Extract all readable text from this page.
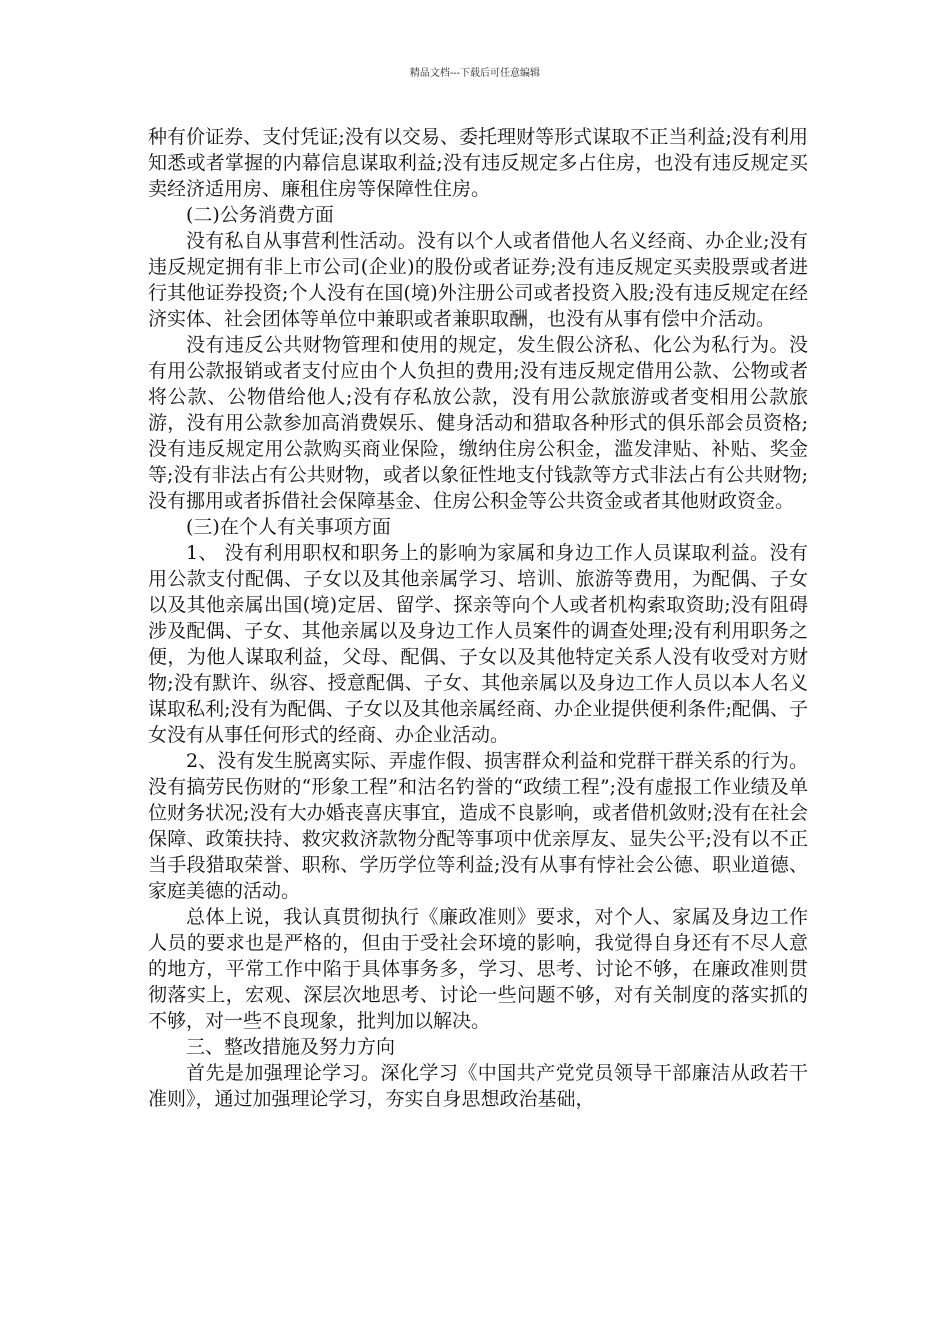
精品文档---下载后可任意编辑

种有价证券、支付凭证;没有以交易、委托理财等形式谋取不正当利益;没有利用知悉或者掌握的内幕信息谋取利益;没有违反规定多占住房，也没有违反规定买卖经济适用房、廉租住房等保障性住房。

(二)公务消费方面

没有私自从事营利性活动。没有以个人或者借他人名义经商、办企业;没有违反规定拥有非上市公司(企业)的股份或者证券;没有违反规定买卖股票或者进行其他证券投资;个人没有在国(境)外注册公司或者投资入股;没有违反规定在经济实体、社会团体等单位中兼职或者兼职取酬，也没有从事有偿中介活动。

没有违反公共财物管理和使用的规定，发生假公济私、化公为私行为。没有用公款报销或者支付应由个人负担的费用;没有违反规定借用公款、公物或者将公款、公物借给他人;没有存私放公款，没有用公款旅游或者变相用公款旅游，没有用公款参加高消费娱乐、健身活动和猎取各种形式的俱乐部会员资格;没有违反规定用公款购买商业保险，缴纳住房公积金，滥发津贴、补贴、奖金等;没有非法占有公共财物，或者以象征性地支付钱款等方式非法占有公共财物;没有挪用或者拆借社会保障基金、住房公积金等公共资金或者其他财政资金。

(三)在个人有关事项方面

1、 没有利用职权和职务上的影响为家属和身边工作人员谋取利益。没有用公款支付配偶、子女以及其他亲属学习、培训、旅游等费用，为配偶、子女以及其他亲属出国(境)定居、留学、探亲等向个人或者机构索取资助;没有阻碍涉及配偶、子女、其他亲属以及身边工作人员案件的调查处理;没有利用职务之便，为他人谋取利益，父母、配偶、子女以及其他特定关系人没有收受对方财物;没有默许、纵容、授意配偶、子女、其他亲属以及身边工作人员以本人名义谋取私利;没有为配偶、子女以及其他亲属经商、办企业提供便利条件;配偶、子女没有从事任何形式的经商、办企业活动。

2、没有发生脱离实际、弄虚作假、损害群众利益和党群干群关系的行为。没有搞劳民伤财的“形象工程”和沽名钓誉的“政绩工程”;没有虚报工作业绩及单位财务状况;没有大办婚丧喜庆事宜，造成不良影响，或者借机敛财;没有在社会保障、政策扶持、救灾救济款物分配等事项中优亲厚友、显失公平;没有以不正当手段猎取荣誉、职称、学历学位等利益;没有从事有悖社会公德、职业道德、家庭美德的活动。

总体上说，我认真贯彻执行《廉政准则》要求，对个人、家属及身边工作人员的要求也是严格的，但由于受社会环境的影响，我觉得自身还有不尽人意的地方，平常工作中陷于具体事务多，学习、思考、讨论不够，在廉政准则贯彻落实上，宏观、深层次地思考、讨论一些问题不够，对有关制度的落实抓的不够，对一些不良现象，批判加以解决。

三、整改措施及努力方向

首先是加强理论学习。深化学习《中国共产党党员领导干部廉洁从政若干准则》，通过加强理论学习，夯实自身思想政治基础，
